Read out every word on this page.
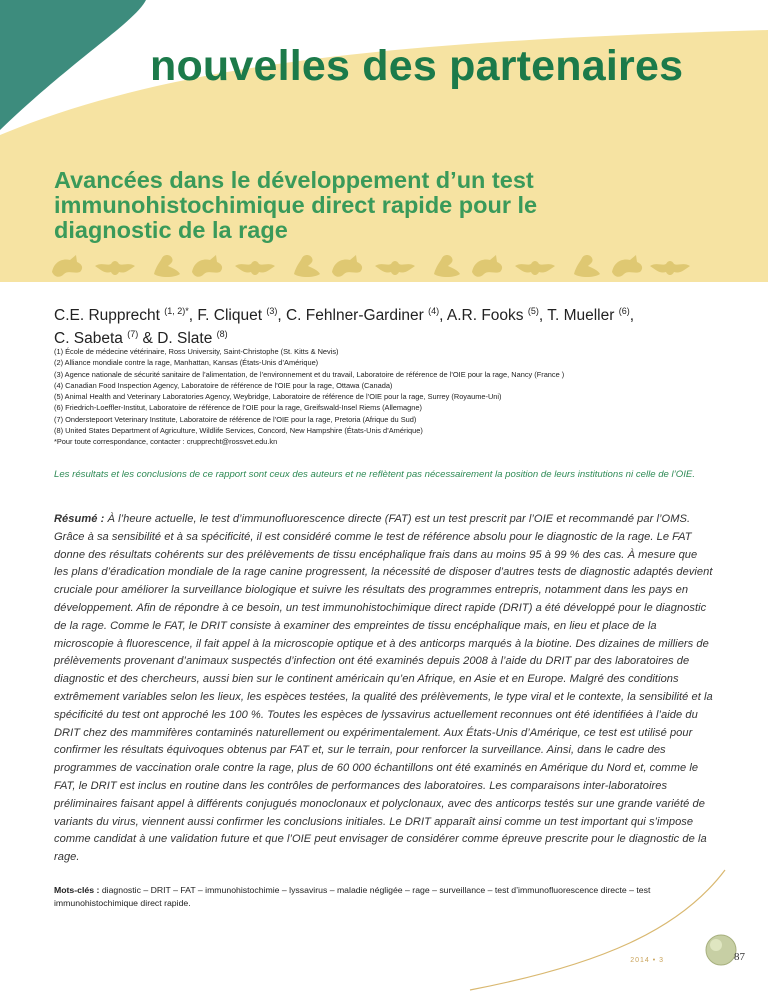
nouvelles des partenaires
Avancées dans le développement d’un test immunohistochimique direct rapide pour le diagnostic de la rage
C.E. Rupprecht $^{(1, 2)*}$, F. Cliquet $^{(3)}$, C. Fehlner-Gardiner $^{(4)}$, A.R. Fooks $^{(5)}$, T. Mueller $^{(6)}$,
C. Sabeta $^{(7)}$ & D. Slate $^{(8)}$
(1) École de médecine vétérinaire, Ross University, Saint-Christophe (St. Kitts & Nevis)
(2) Alliance mondiale contre la rage, Manhattan, Kansas (États-Unis d’Amérique)
(3) Agence nationale de sécurité sanitaire de l’alimentation, de l’environnement et du travail, Laboratoire de référence de l’OIE pour la rage, Nancy (France )
(4) Canadian Food Inspection Agency, Laboratoire de référence de l’OIE pour la rage, Ottawa (Canada)
(5) Animal Health and Veterinary Laboratories Agency, Weybridge, Laboratoire de référence de l’OIE pour la rage, Surrey (Royaume-Uni)
(6) Friedrich-Loeffler-Institut, Laboratoire de référence de l’OIE pour la rage, Greifswald-Insel Riems (Allemagne)
(7) Onderstepoort Veterinary Institute, Laboratoire de référence de l’OIE pour la rage, Pretoria (Afrique du Sud)
(8) United States Department of Agriculture, Wildlife Services, Concord, New Hampshire (États-Unis d’Amérique)
*Pour toute correspondance, contacter : crupprecht@rossvet.edu.kn

Les résultats et les conclusions de ce rapport sont ceux des auteurs et ne reflètent pas nécessairement la position de leurs institutions ni celle de l’OIE.

Résumé : À l’heure actuelle, le test d’immunofluorescence directe (FAT) est un test prescrit par l’OIE et recommandé par l’OMS. Grâce à sa sensibilité et à sa spécificité, il est considéré comme le test de référence absolu pour le diagnostic de la rage. Le FAT donne des résultats cohérents sur des prélèvements de tissu encéphalique frais dans au moins 95 à 99 % des cas. À mesure que les plans d’éradication mondiale de la rage canine progressent, la nécessité de disposer d’autres tests de diagnostic adaptés devient cruciale pour améliorer la surveillance biologique et suivre les résultats des programmes entrepris, notamment dans les pays en développement. Afin de répondre à ce besoin, un test immunohistochimique direct rapide (DRIT) a été développé pour le diagnostic de la rage. Comme le FAT, le DRIT consiste à examiner des empreintes de tissu encéphalique mais, en lieu et place de la microscopie à fluorescence, il fait appel à la microscopie optique et à des anticorps marqués à la biotine. Des dizaines de milliers de prélèvements provenant d’animaux suspectés d’infection ont été examinés depuis 2008 à l’aide du DRIT par des laboratoires de diagnostic et des chercheurs, aussi bien sur le continent américain qu’en Afrique, en Asie et en Europe. Malgré des conditions extrêmement variables selon les lieux, les espèces testées, la qualité des prélèvements, le type viral et le contexte, la sensibilité et la spécificité du test ont approché les 100 %. Toutes les espèces de lyssavirus actuellement reconnues ont été identifiées à l’aide du DRIT chez des mammifères contaminés naturellement ou expérimentalement. Aux États-Unis d’Amérique, ce test est utilisé pour confirmer les résultats équivoques obtenus par FAT et, sur le terrain, pour renforcer la surveillance. Ainsi, dans le cadre des programmes de vaccination orale contre la rage, plus de 60 000 échantillons ont été examinés en Amérique du Nord et, comme le FAT, le DRIT est inclus en routine dans les contrôles de performances des laboratoires. Les comparaisons inter-laboratoires préliminaires faisant appel à différents conjugués monoclonaux et polyclonaux, avec des anticorps testés sur une grande variété de variants du virus, viennent aussi confirmer les conclusions initiales. Le DRIT apparaît ainsi comme un test important qui s’impose comme candidat à une validation future et que l’OIE peut envisager de considérer comme épreuve prescrite pour le diagnostic de la rage.

Mots-clés : diagnostic – DRIT – FAT – immunohistochimie – lyssavirus – maladie négligée – rage – surveillance – test d’immunofluorescence directe – test immunohistochimique direct rapide.

2014 • 3	87
